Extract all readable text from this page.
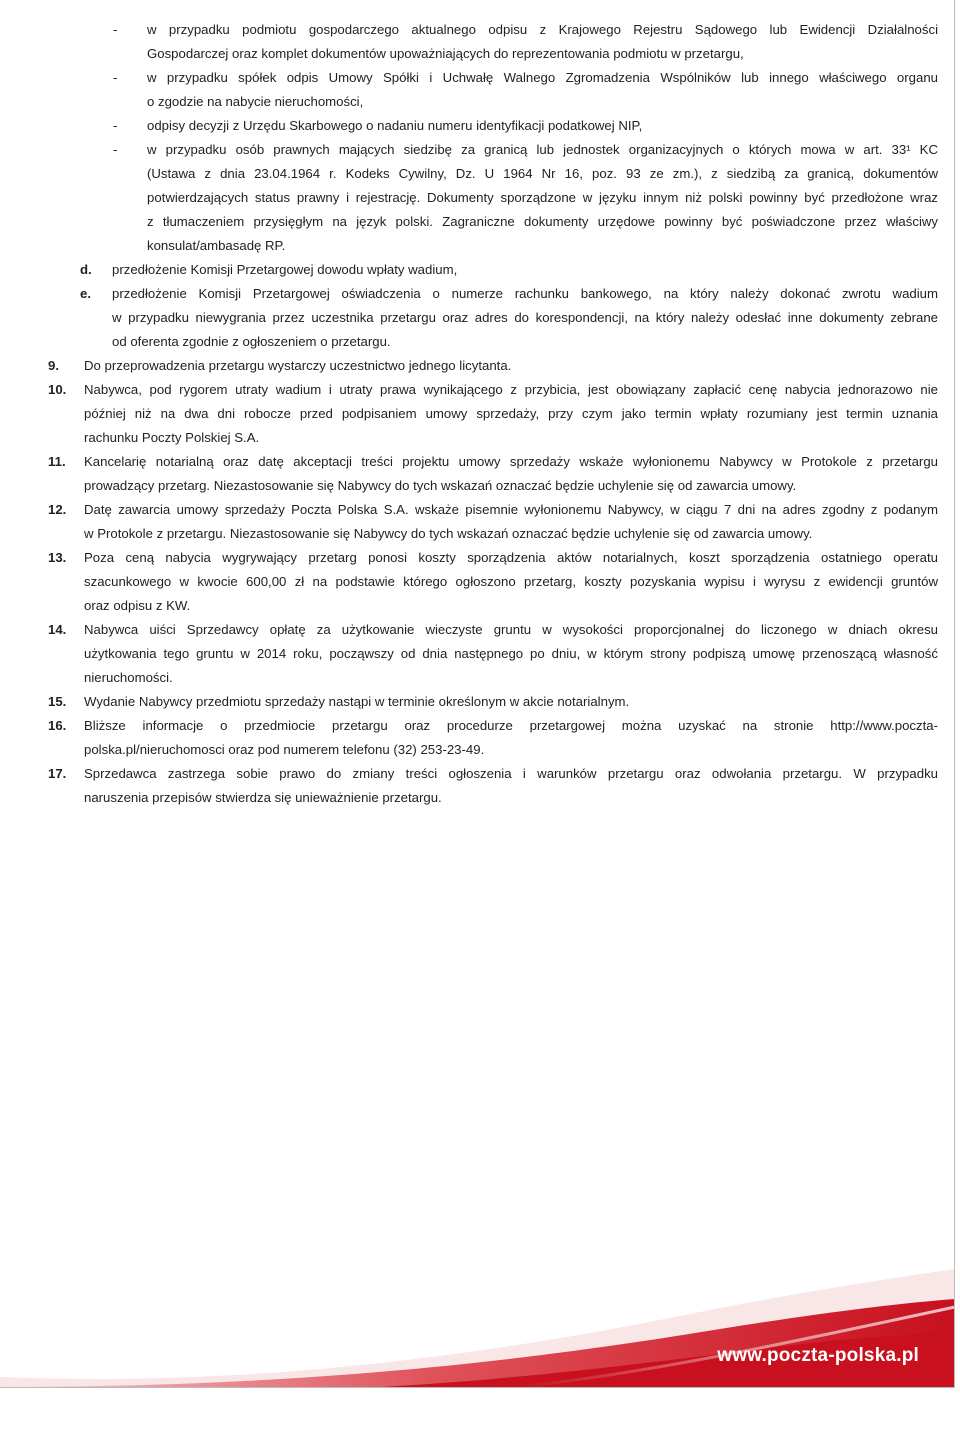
- w przypadku podmiotu gospodarczego aktualnego odpisu z Krajowego Rejestru Sądowego lub Ewidencji Działalności
Gospodarczej oraz komplet dokumentów upoważniających do reprezentowania podmiotu w przetargu,
- w przypadku spółek odpis Umowy Spółki i Uchwałę Walnego Zgromadzenia Wspólników lub innego właściwego organu
o zgodzie na nabycie nieruchomości,
- odpisy decyzji z Urzędu Skarbowego o nadaniu numeru identyfikacji podatkowej NIP,
- w przypadku osób prawnych mających siedzibę za granicą lub jednostek organizacyjnych o których mowa w art. 33¹ KC
(Ustawa z dnia 23.04.1964 r. Kodeks Cywilny, Dz. U 1964 Nr 16, poz. 93 ze zm.), z siedzibą za granicą, dokumentów
potwierdzających status prawny i rejestrację. Dokumenty sporządzone w języku innym niż polski powinny być przedłożone wraz
z tłumaczeniem przysięgłym na język polski. Zagraniczne dokumenty urzędowe powinny być poświadczone przez właściwy
konsulat/ambasadę RP.
d. przedłożenie Komisji Przetargowej dowodu wpłaty wadium,
e. przedłożenie Komisji Przetargowej oświadczenia o numerze rachunku bankowego, na który należy dokonać zwrotu wadium
w przypadku niewygrania przez uczestnika przetargu oraz adres do korespondencji, na który należy odesłać inne dokumenty zebrane
od oferenta zgodnie z ogłoszeniem o przetargu.
9. Do przeprowadzenia przetargu wystarczy uczestnictwo jednego licytanta.
10. Nabywca, pod rygorem utraty wadium i utraty prawa wynikającego z przybicia, jest obowiązany zapłacić cenę nabycia jednorazowo nie
później niż na dwa dni robocze przed podpisaniem umowy sprzedaży, przy czym jako termin wpłaty rozumiany jest termin uznania
rachunku Poczty Polskiej S.A.
11. Kancelarię notarialną oraz datę akceptacji treści projektu umowy sprzedaży wskaże wyłonionemu Nabywcy w Protokole z przetargu
prowadzący przetarg. Niezastosowanie się Nabywcy do tych wskazań oznaczać będzie uchylenie się od zawarcia umowy.
12. Datę zawarcia umowy sprzedaży Poczta Polska S.A. wskaże pisemnie wyłonionemu Nabywcy, w ciągu 7 dni na adres zgodny z podanym
w Protokole z przetargu. Niezastosowanie się Nabywcy do tych wskazań oznaczać będzie uchylenie się od zawarcia umowy.
13. Poza ceną nabycia wygrywający przetarg ponosi koszty sporządzenia aktów notarialnych, koszt sporządzenia ostatniego operatu
szacunkowego w kwocie 600,00 zł na podstawie którego ogłoszono przetarg, koszty pozyskania wypisu i wyrysu z ewidencji gruntów
oraz odpisu z KW.
14. Nabywca uiści Sprzedawcy opłatę za użytkowanie wieczyste gruntu w wysokości proporcjonalnej do liczonego w dniach okresu
użytkowania tego gruntu w 2014 roku, począwszy od dnia następnego po dniu, w którym strony podpiszą umowę przenoszącą własność
nieruchomości.
15. Wydanie Nabywcy przedmiotu sprzedaży nastąpi w terminie określonym w akcie notarialnym.
16. Bliższe informacje o przedmiocie przetargu oraz procedurze przetargowej można uzyskać na stronie http://www.poczta-
polska.pl/nieruchomosci oraz pod numerem telefonu (32) 253-23-49.
17. Sprzedawca zastrzega sobie prawo do zmiany treści ogłoszenia i warunków przetargu oraz odwołania przetargu. W przypadku
naruszenia przepisów stwierdza się unieważnienie przetargu.
www.poczta-polska.pl
